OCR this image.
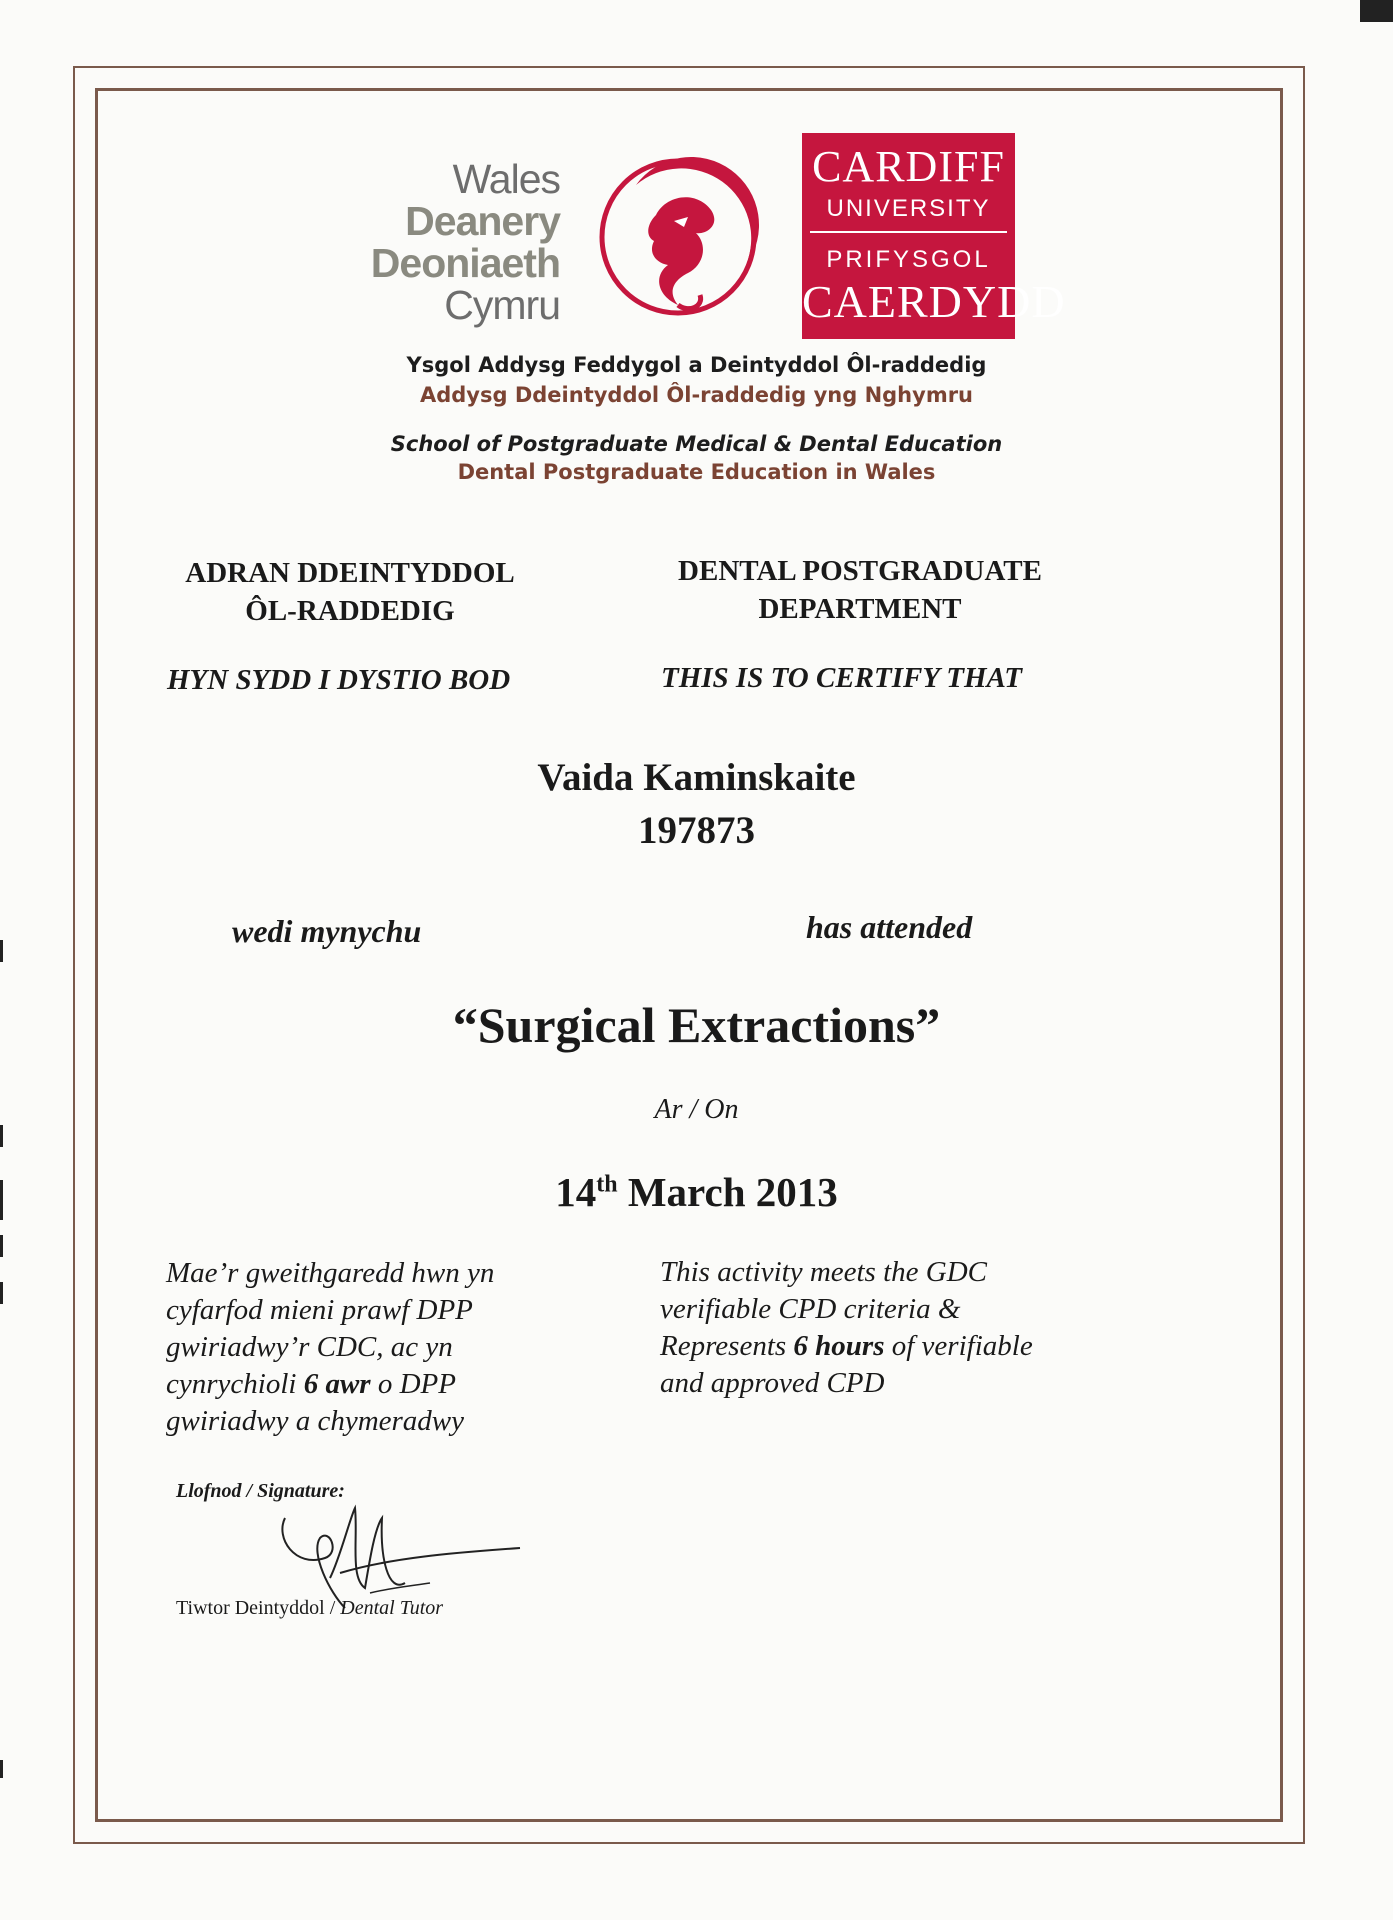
Wales
Deanery
Deoniaeth
Cymru
CARDIFF
UNIVERSITY
PRIFYSGOL
CAERDYDD
Ysgol Addysg Feddygol a Deintyddol Ôl-raddedig
Addysg Ddeintyddol Ôl-raddedig yng Nghymru
School of Postgraduate Medical & Dental Education
Dental Postgraduate Education in Wales
ADRAN DDEINTYDDOL
ÔL-RADDEDIG
DENTAL POSTGRADUATE
DEPARTMENT
HYN SYDD I DYSTIO BOD	THIS IS TO CERTIFY THAT
Vaida Kaminskaite
197873
wedi mynychu	has attended
“Surgical Extractions”
Ar / On
14th March 2013
Mae’r gweithgaredd hwn yn
cyfarfod mieni prawf DPP
gwiriadwy’r CDC, ac yn
cynrychioli 6 awr o DPP
gwiriadwy a chymeradwy
This activity meets the GDC
verifiable CPD criteria &
Represents 6 hours of verifiable
and approved CPD
Llofnod / Signature:
Tiwtor Deintyddol / Dental Tutor
